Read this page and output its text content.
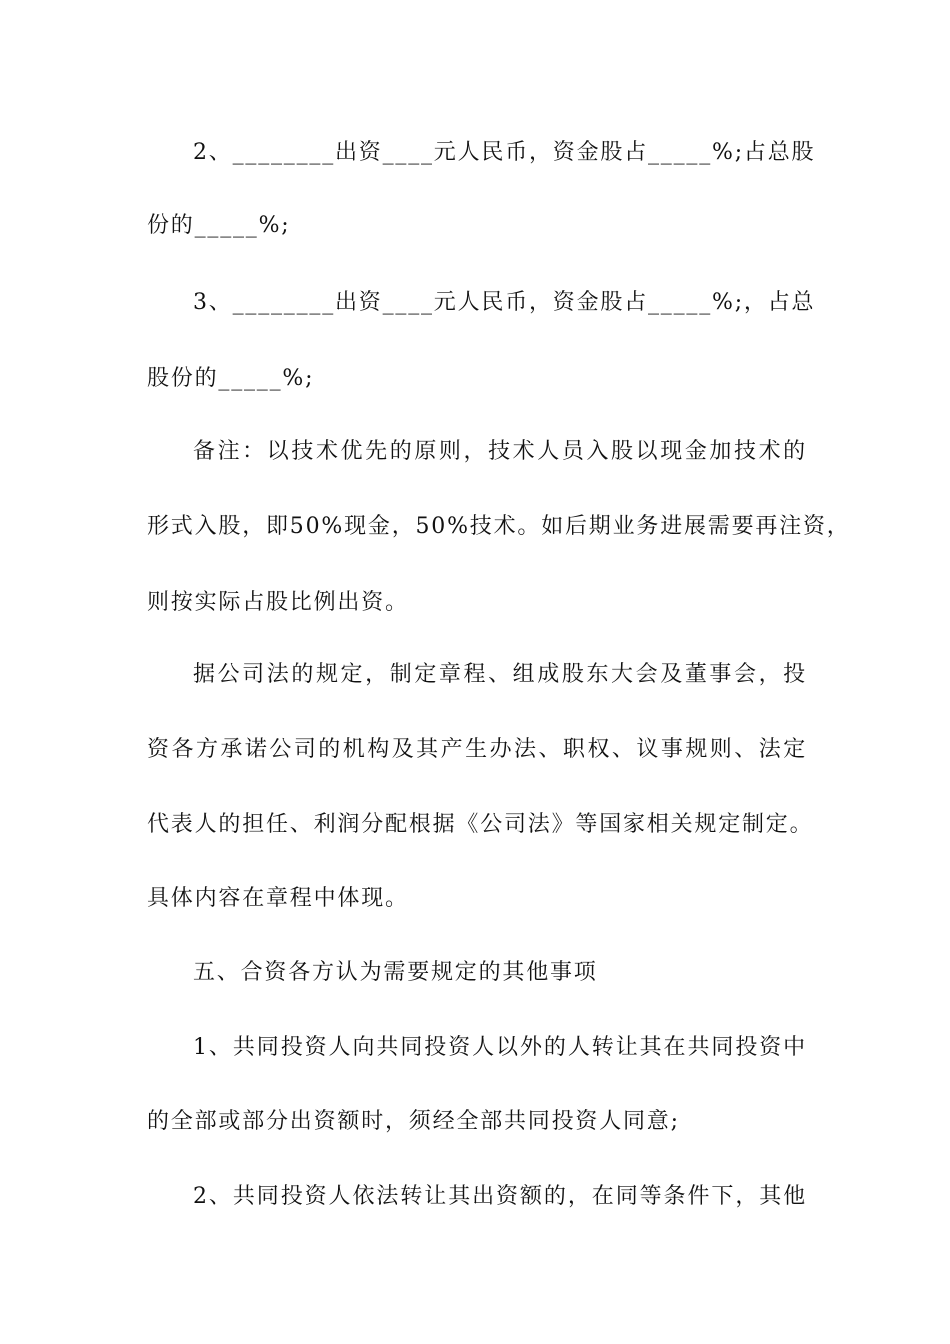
2、________出资____元人民币，资金股占_____%;占总股
份的_____%;
3、________出资____元人民币，资金股占_____%;，占总
股份的_____%;
备注：以技术优先的原则，技术人员入股以现金加技术的
形式入股，即50%现金，50%技术。如后期业务进展需要再注资，
则按实际占股比例出资。
据公司法的规定，制定章程、组成股东大会及董事会，投
资各方承诺公司的机构及其产生办法、职权、议事规则、法定
代表人的担任、利润分配根据《公司法》等国家相关规定制定。
具体内容在章程中体现。
五、合资各方认为需要规定的其他事项
1、共同投资人向共同投资人以外的人转让其在共同投资中
的全部或部分出资额时，须经全部共同投资人同意;
2、共同投资人依法转让其出资额的，在同等条件下，其他
